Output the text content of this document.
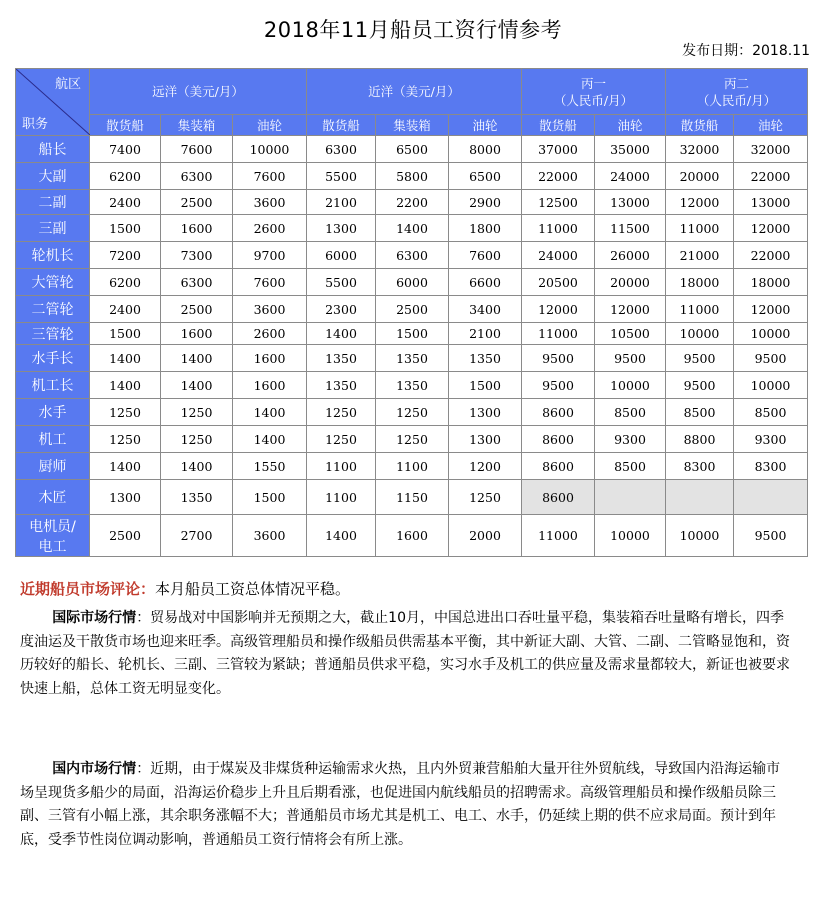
2018年11月船员工资行情参考
发布日期：2018.11
航区
职务	远洋（美元/月）			近洋（美元/月）			丙一
（人民币/月）		丙二
（人民币/月）	
	散货船	集装箱	油轮	散货船	集装箱	油轮	散货船	油轮	散货船	油轮
船长	7400	7600	10000	6300	6500	8000	37000	35000	32000	32000
大副	6200	6300	7600	5500	5800	6500	22000	24000	20000	22000
二副	2400	2500	3600	2100	2200	2900	12500	13000	12000	13000
三副	1500	1600	2600	1300	1400	1800	11000	11500	11000	12000
轮机长	7200	7300	9700	6000	6300	7600	24000	26000	21000	22000
大管轮	6200	6300	7600	5500	6000	6600	20500	20000	18000	18000
二管轮	2400	2500	3600	2300	2500	3400	12000	12000	11000	12000
三管轮	1500	1600	2600	1400	1500	2100	11000	10500	10000	10000
水手长	1400	1400	1600	1350	1350	1350	9500	9500	9500	9500
机工长	1400	1400	1600	1350	1350	1500	9500	10000	9500	10000
水手	1250	1250	1400	1250	1250	1300	8600	8500	8500	8500
机工	1250	1250	1400	1250	1250	1300	8600	9300	8800	9300
厨师	1400	1400	1550	1100	1100	1200	8600	8500	8300	8300
木匠	1300	1350	1500	1100	1150	1250	8600			
电机员/
电工	2500	2700	3600	1400	1600	2000	11000	10000	10000	9500
近期船员市场评论：本月船员工资总体情况平稳。

国际市场行情：贸易战对中国影响并无预期之大，截止10月，中国总进出口吞吐量平稳，集装箱吞吐量略有增长，四季度油运及干散货市场也迎来旺季。高级管理船员和操作级船员供需基本平衡，其中新证大副、大管、二副、二管略显饱和，资历较好的船长、轮机长、三副、三管较为紧缺；普通船员供求平稳，实习水手及机工的供应量及需求量都较大，新证也被要求快速上船，总体工资无明显变化。

国内市场行情：近期，由于煤炭及非煤货种运输需求火热，且内外贸兼营船舶大量开往外贸航线，导致国内沿海运输市场呈现货多船少的局面，沿海运价稳步上升且后期看涨，也促进国内航线船员的招聘需求。高级管理船员和操作级船员除三副、三管有小幅上涨，其余职务涨幅不大；普通船员市场尤其是机工、电工、水手，仍延续上期的供不应求局面。预计到年底，受季节性岗位调动影响，普通船员工资行情将会有所上涨。
